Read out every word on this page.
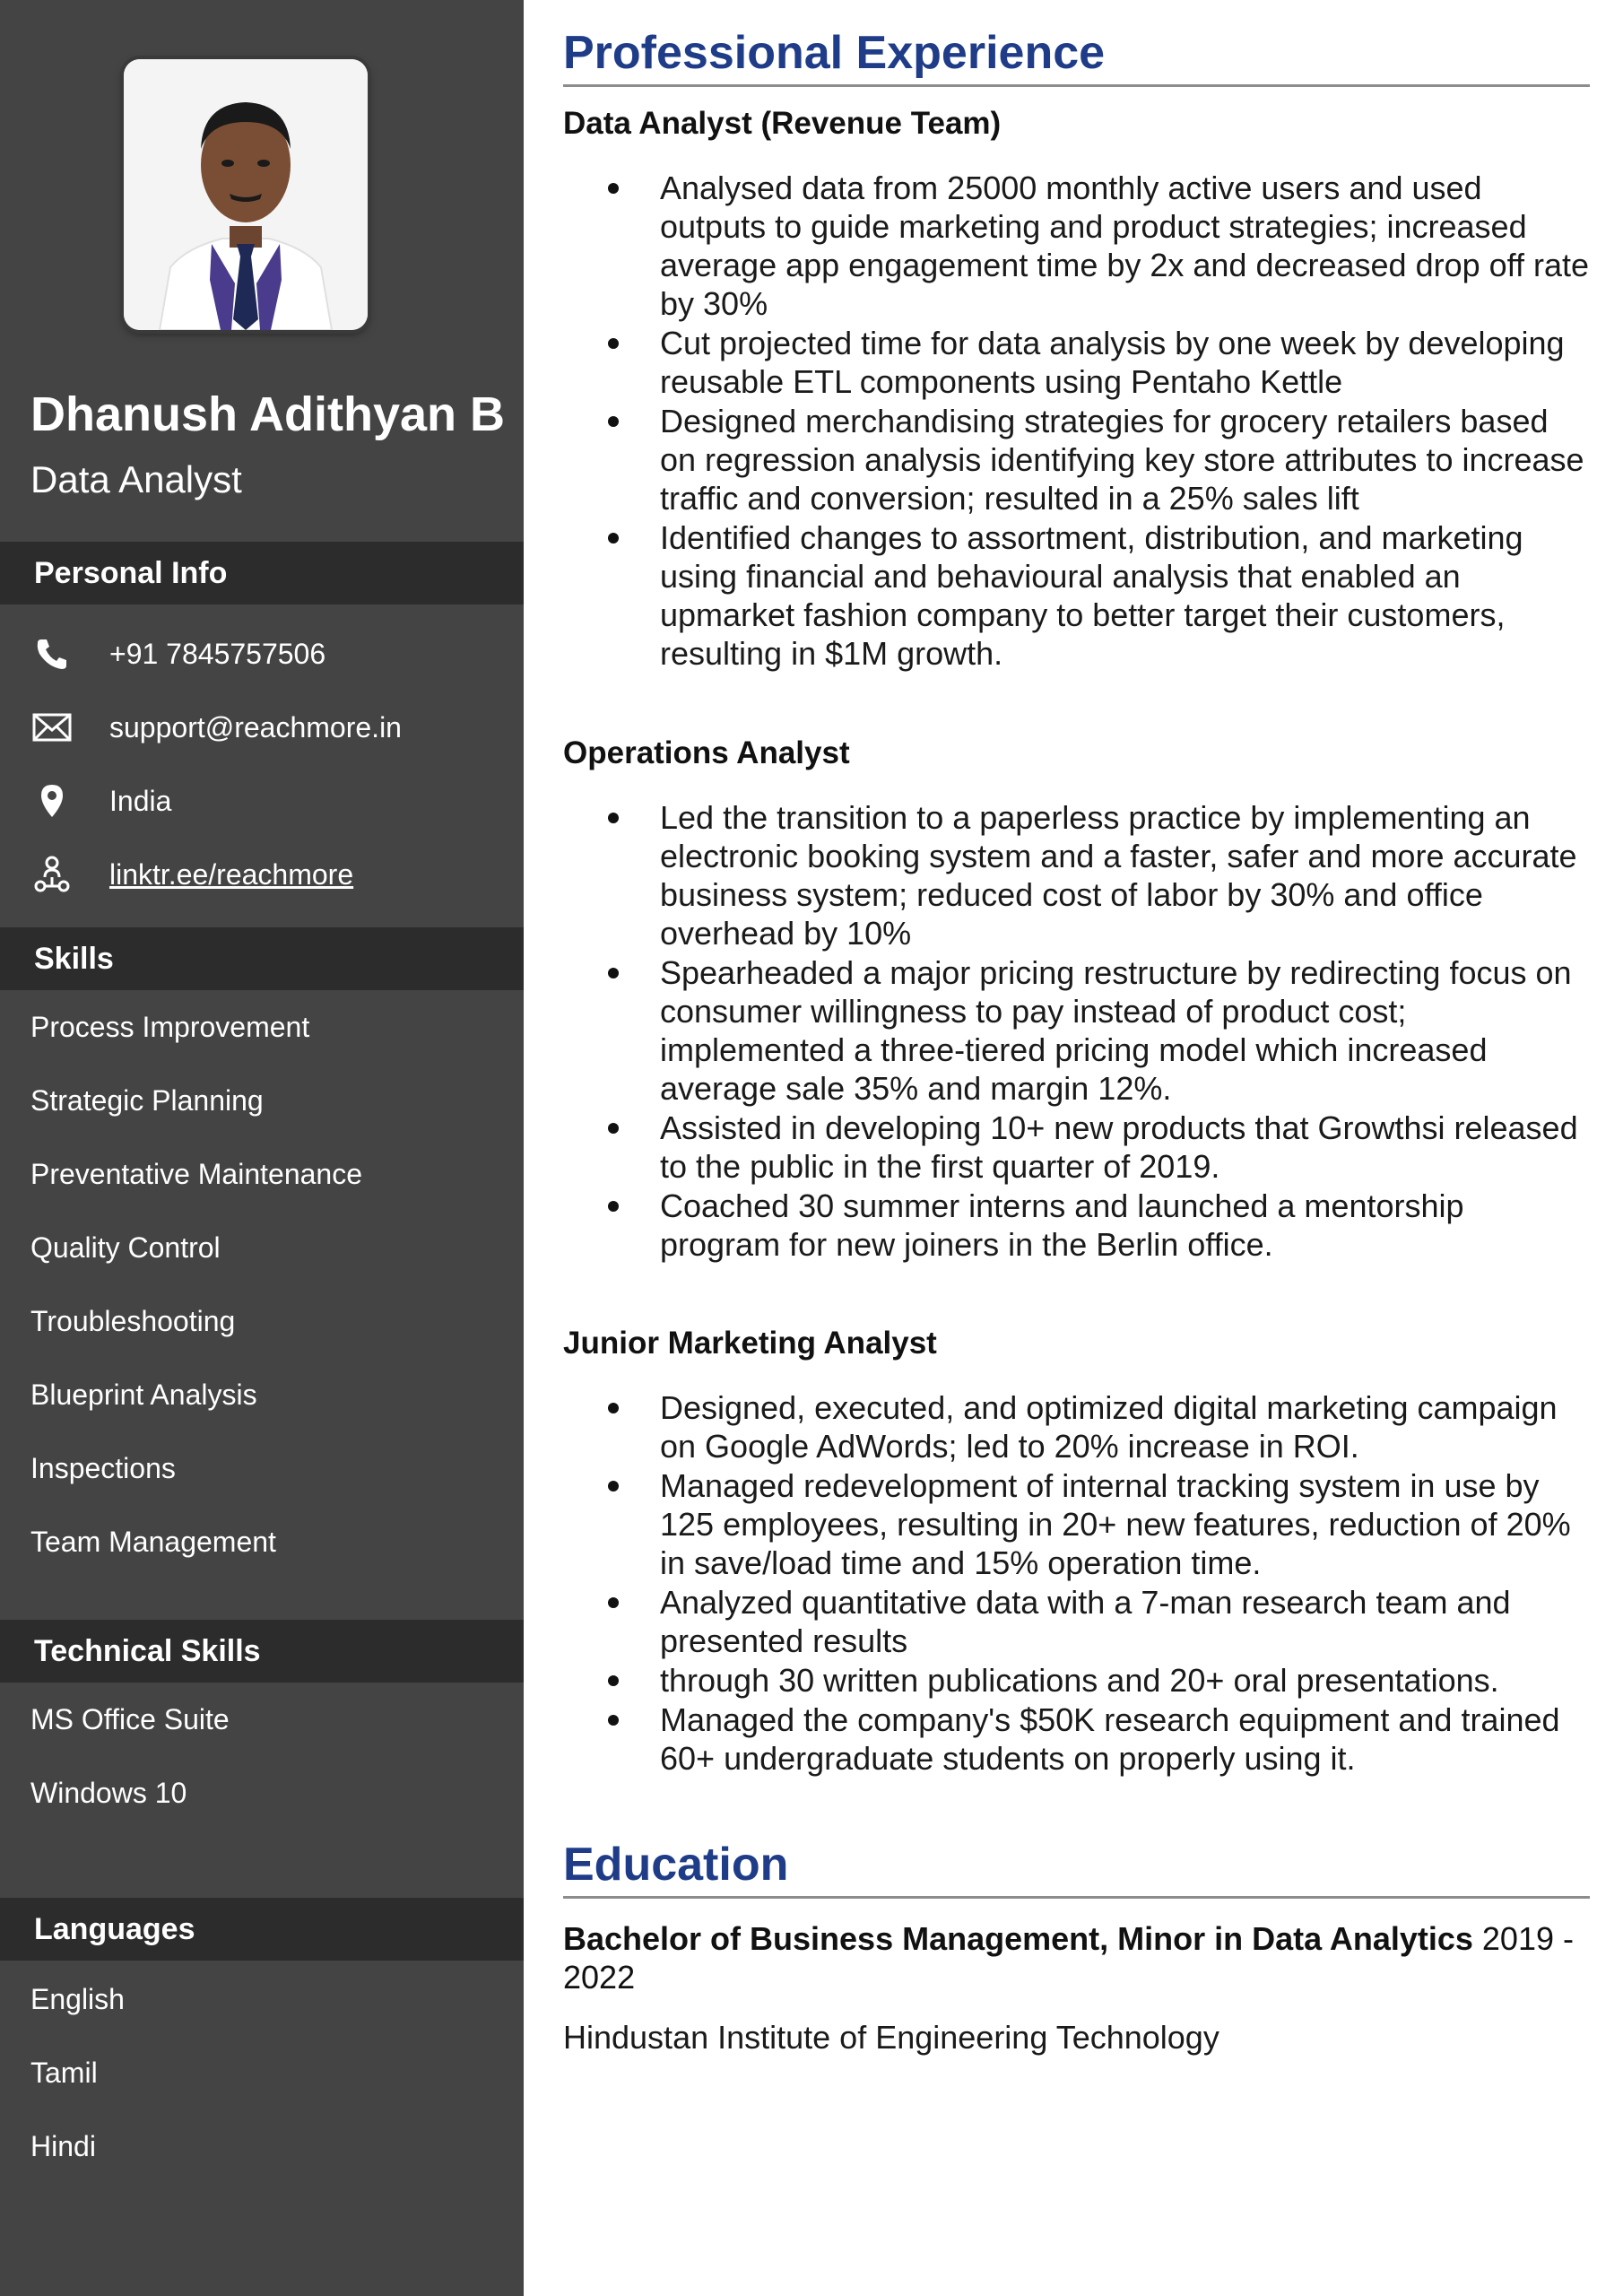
Dhanush Adithyan B
Data Analyst
Personal Info
+91 7845757506
support@reachmore.in
India
linktr.ee/reachmore
Skills
Process Improvement
Strategic Planning
Preventative Maintenance
Quality Control
Troubleshooting
Blueprint Analysis
Inspections
Team Management
Technical Skills
MS Office Suite
Windows 10
Languages
English
Tamil
Hindi
Professional Experience
Data Analyst (Revenue Team)
Analysed data from 25000 monthly active users and used outputs to guide marketing and product strategies; increased average app engagement time by 2x and decreased drop off rate by 30%
Cut projected time for data analysis by one week by developing reusable ETL components using Pentaho Kettle
Designed merchandising strategies for grocery retailers based on regression analysis identifying key store attributes to increase traffic and conversion; resulted in a 25% sales lift
Identified changes to assortment, distribution, and marketing using financial and behavioural analysis that enabled an upmarket fashion company to better target their customers, resulting in $1M growth.
Operations Analyst
Led the transition to a paperless practice by implementing an electronic booking system and a faster, safer and more accurate business system; reduced cost of labor by 30% and office overhead by 10%
Spearheaded a major pricing restructure by redirecting focus on consumer willingness to pay instead of product cost; implemented a three-tiered pricing model which increased average sale 35% and margin 12%.
Assisted in developing 10+ new products that Growthsi released to the public in the first quarter of 2019.
Coached 30 summer interns and launched a mentorship program for new joiners in the Berlin office.
Junior Marketing Analyst
Designed, executed, and optimized digital marketing campaign on Google AdWords; led to 20% increase in ROI.
Managed redevelopment of internal tracking system in use by 125 employees, resulting in 20+ new features, reduction of 20% in save/load time and 15% operation time.
Analyzed quantitative data with a 7-man research team and presented results
through 30 written publications and 20+ oral presentations.
Managed the company's $50K research equipment and trained 60+ undergraduate students on properly using it.
Education
Bachelor of Business Management, Minor in Data Analytics 2019 - 2022
Hindustan Institute of Engineering Technology
